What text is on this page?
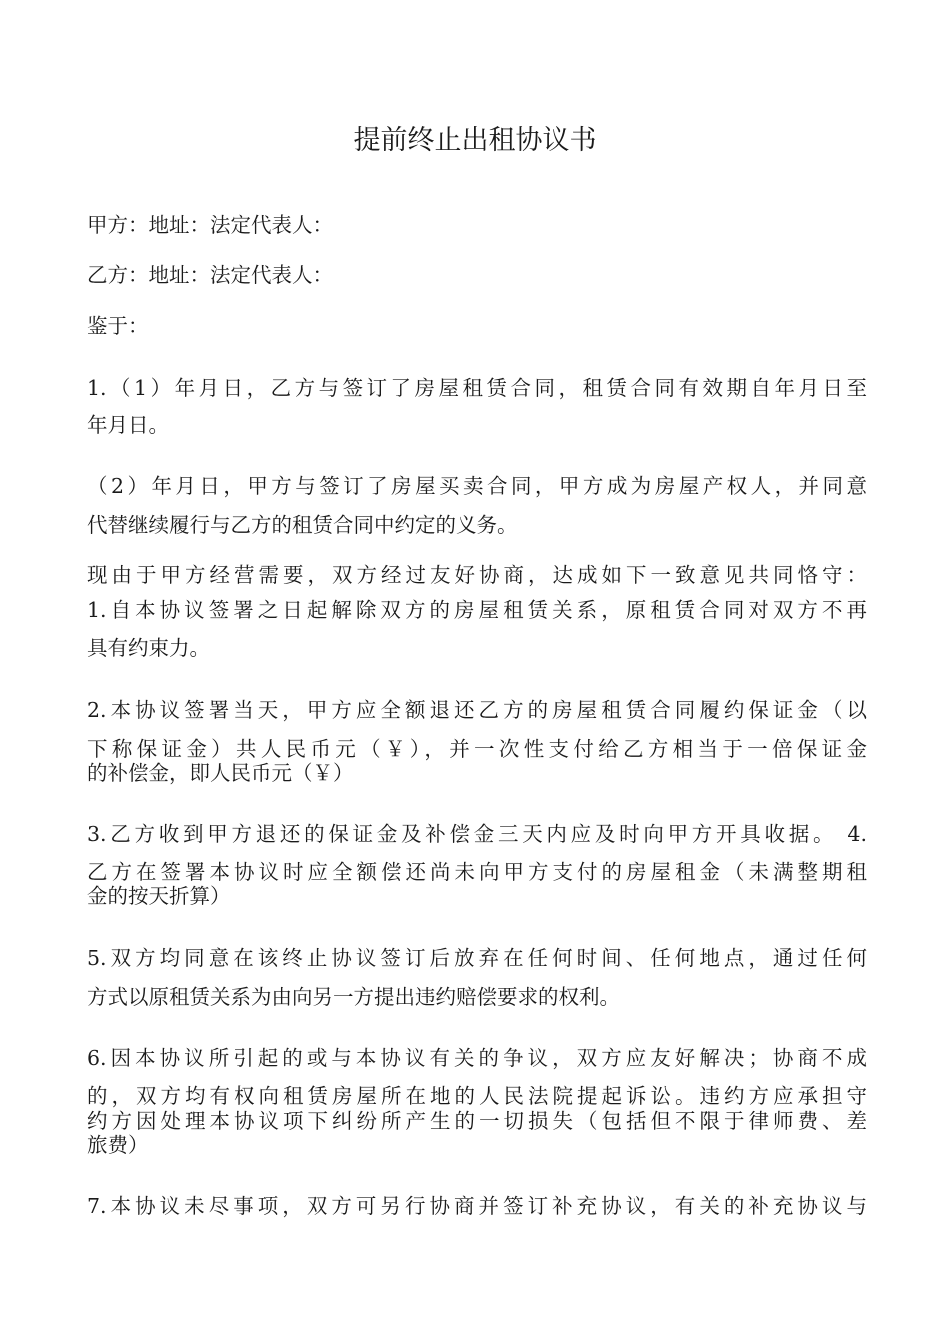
提前终止出租协议书
甲方：地址：法定代表人：
乙方：地址：法定代表人：
鉴于：
1.（1）年月日，乙方与签订了房屋租赁合同，租赁合同有效期自年月日至
年月日。
（2）年月日，甲方与签订了房屋买卖合同，甲方成为房屋产权人，并同意
代替继续履行与乙方的租赁合同中约定的义务。
现由于甲方经营需要，双方经过友好协商，达成如下一致意见共同恪守：
1.自本协议签署之日起解除双方的房屋租赁关系，原租赁合同对双方不再
具有约束力。
2.本协议签署当天，甲方应全额退还乙方的房屋租赁合同履约保证金（以
下称保证金）共人民币元（￥），并一次性支付给乙方相当于一倍保证金
的补偿金，即人民币元（￥）
3.乙方收到甲方退还的保证金及补偿金三天内应及时向甲方开具收据。 4.
乙方在签署本协议时应全额偿还尚未向甲方支付的房屋租金（未满整期租
金的按天折算）
5.双方均同意在该终止协议签订后放弃在任何时间、任何地点，通过任何
方式以原租赁关系为由向另一方提出违约赔偿要求的权利。
6.因本协议所引起的或与本协议有关的争议，双方应友好解决；协商不成
的，双方均有权向租赁房屋所在地的人民法院提起诉讼。违约方应承担守
约方因处理本协议项下纠纷所产生的一切损失（包括但不限于律师费、差
旅费）
7.本协议未尽事项，双方可另行协商并签订补充协议，有关的补充协议与
